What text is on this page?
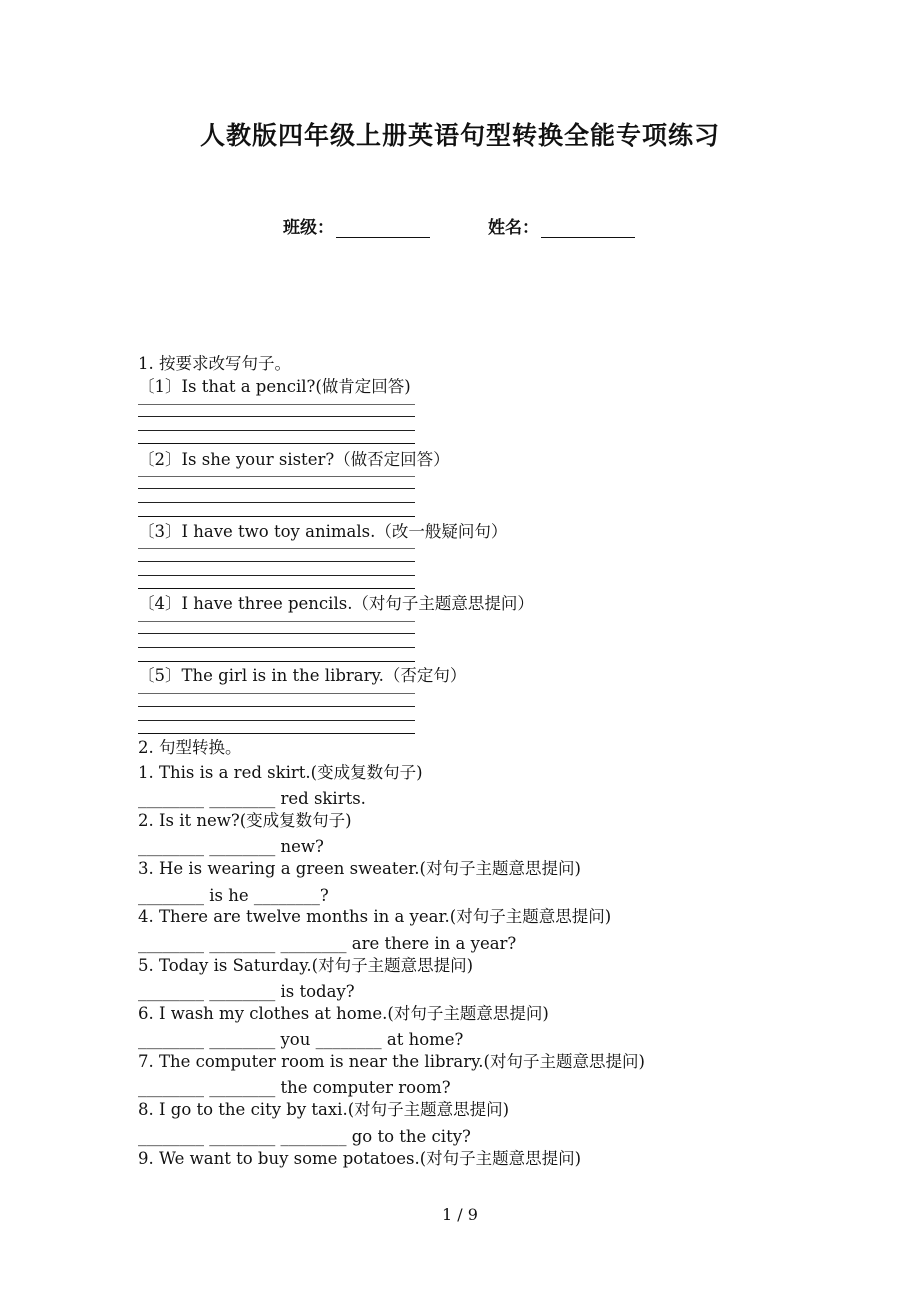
人教版四年级上册英语句型转换全能专项练习
班级：	姓名：
1. 按要求改写句子。
〔1〕Is that a pencil?(做肯定回答)
〔2〕Is she your sister?（做否定回答）
〔3〕I have two toy animals.（改一般疑问句）
〔4〕I have three pencils.（对句子主题意思提问）
〔5〕The girl is in the library.（否定句）
2. 句型转换。
1. This is a red skirt.(变成复数句子)
________ ________ red skirts.
2. Is it new?(变成复数句子)
________ ________ new?
3. He is wearing a green sweater.(对句子主题意思提问)
________ is he ________?
4. There are twelve months in a year.(对句子主题意思提问)
________ ________ ________ are there in a year?
5. Today is Saturday.(对句子主题意思提问)
________ ________ is today?
6. I wash my clothes at home.(对句子主题意思提问)
________ ________ you ________ at home?
7. The computer room is near the library.(对句子主题意思提问)
________ ________ the computer room?
8. I go to the city by taxi.(对句子主题意思提问)
________ ________ ________ go to the city?
9. We want to buy some potatoes.(对句子主题意思提问)
1 / 9
